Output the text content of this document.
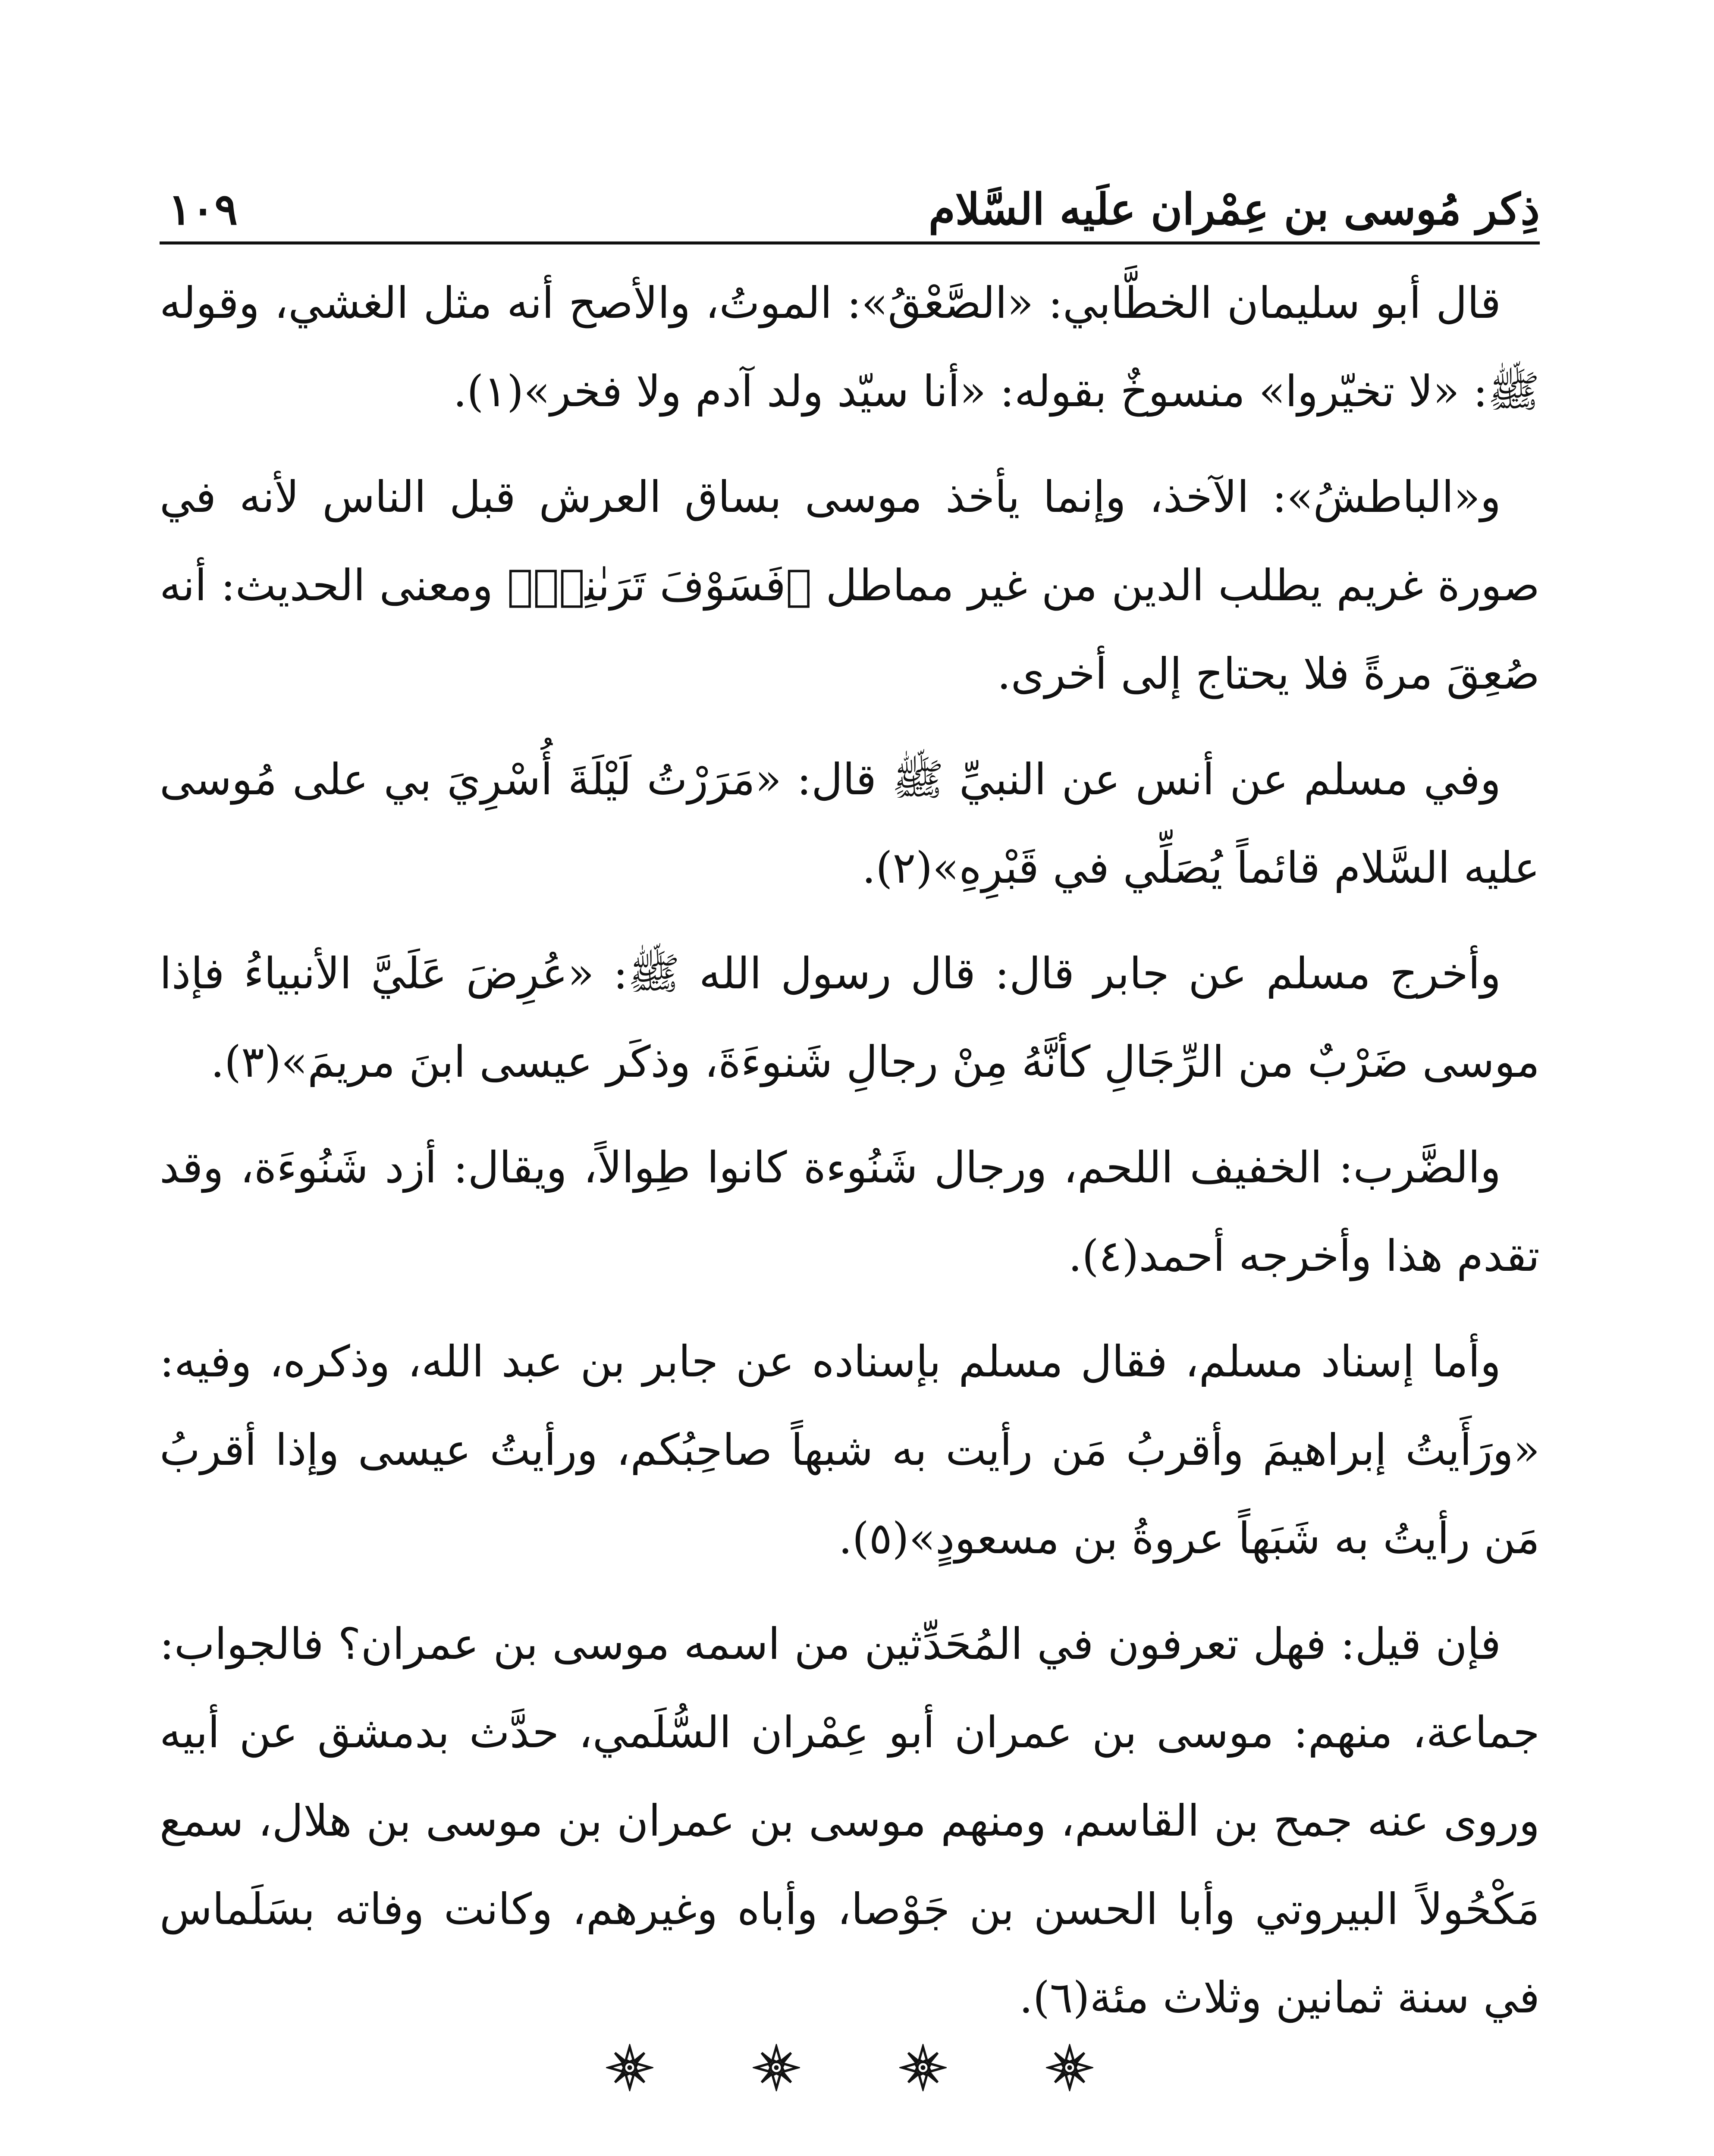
ذِكر مُوسى بن عِمْران علَيه السَّلام
١٠٩

قال أبو سليمان الخطَّابي: «الصَّعْقُ»: الموتُ، والأصح أنه مثل الغشي، وقوله ﷺ: «لا تخيّروا» منسوخٌ بقوله: «أنا سيّد ولد آدم ولا فخر»(١).

و«الباطشُ»: الآخذ، وإنما يأخذ موسى بساق العرش قبل الناس لأنه في صورة غريم يطلب الدين من غير مماطل ﴿فَسَوْفَ تَرَىٰنِىۚ﴾ ومعنى الحديث: أنه صُعِقَ مرةً فلا يحتاج إلى أخرى.

وفي مسلم عن أنس عن النبيِّ ﷺ قال: «مَرَرْتُ لَيْلَةَ أُسْرِيَ بي على مُوسى عليه السَّلام قائماً يُصَلِّي في قَبْرِهِ»(٢).

وأخرج مسلم عن جابر قال: قال رسول الله ﷺ: «عُرِضَ عَلَيَّ الأنبياءُ فإذا موسى ضَرْبٌ من الرِّجَالِ كأنَّهُ مِنْ رجالِ شَنوءَةَ، وذكَر عيسى ابنَ مريمَ»(٣).

والضَّرب: الخفيف اللحم، ورجال شَنُوءة كانوا طِوالاً، ويقال: أزد شَنُوءَة، وقد تقدم هذا وأخرجه أحمد(٤).

وأما إسناد مسلم، فقال مسلم بإسناده عن جابر بن عبد الله، وذكره، وفيه: «ورَأَيتُ إبراهيمَ وأقربُ مَن رأيت به شبهاً صاحِبُكم، ورأيتُ عيسى وإذا أقربُ مَن رأيتُ به شَبَهاً عروةُ بن مسعودٍ»(٥).

فإن قيل: فهل تعرفون في المُحَدِّثين من اسمه موسى بن عمران؟ فالجواب: جماعة، منهم: موسى بن عمران أبو عِمْران السُّلَمي، حدَّث بدمشق عن أبيه وروى عنه جمح بن القاسم، ومنهم موسى بن عمران بن موسى بن هلال، سمع مَكْحُولاً البيروتي وأبا الحسن بن جَوْصا، وأباه وغيرهم، وكانت وفاته بسَلَماس في سنة ثمانين وثلاث مئة(٦).
